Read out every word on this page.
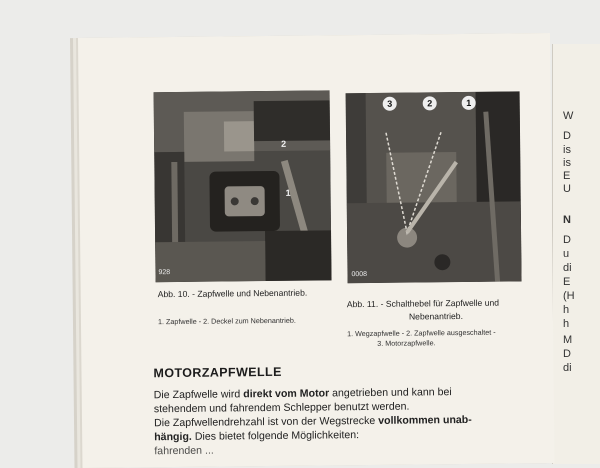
W
D
is
is
E
U
N
D
u
di
E
(H
h
h
M
D
di
2
1
928
3	2	1
0008
Abb. 10. - Zapfwelle und Nebenantrieb.
1. Zapfwelle - 2. Deckel zum Nebenantrieb.
Abb. 11. - Schalthebel für Zapfwelle und
Nebenantrieb.
1. Wegzapfwelle - 2. Zapfwelle ausgeschaltet -
3. Motorzapfwelle.
MOTORZAPFWELLE
Die Zapfwelle wird direkt vom Motor angetrieben und kann bei
stehendem und fahrendem Schlepper benutzt werden.
Die Zapfwellendrehzahl ist von der Wegstrecke vollkommen unab-
hängig. Dies bietet folgende Möglichkeiten:
fahrenden ...
